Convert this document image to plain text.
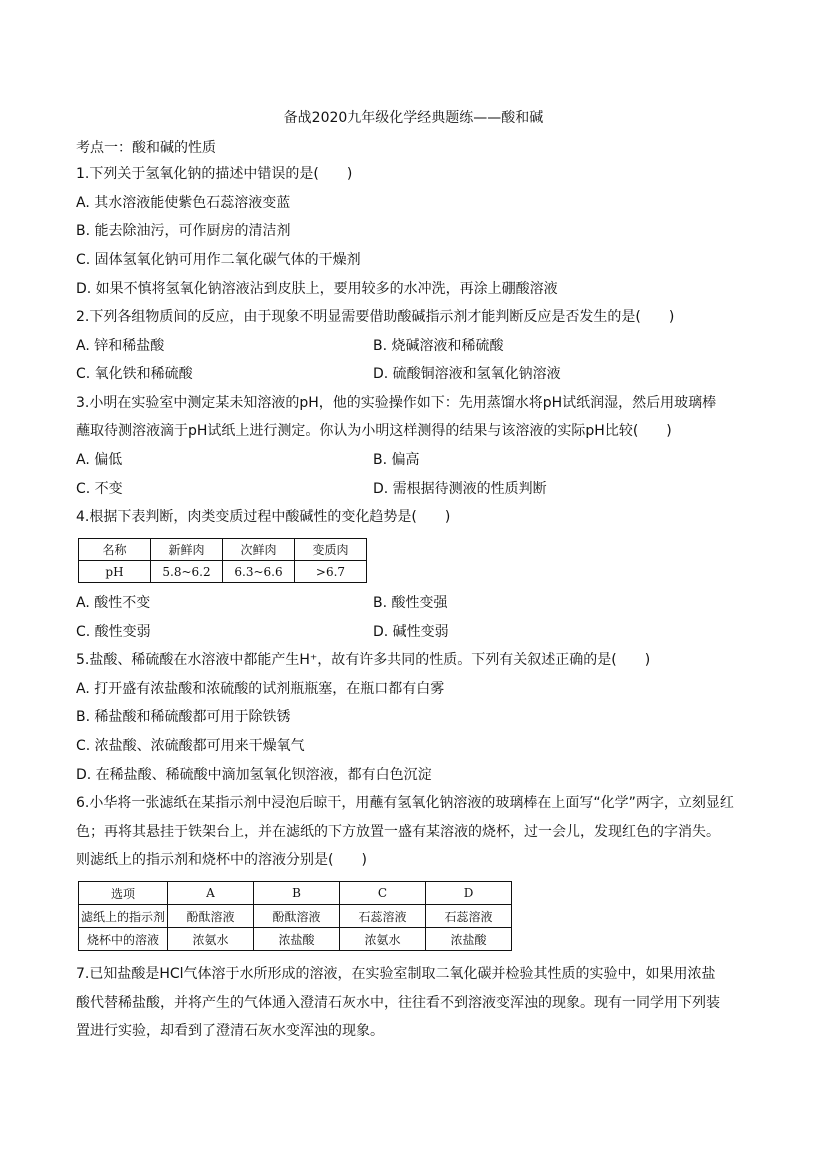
备战2020九年级化学经典题练——酸和碱
考点一：酸和碱的性质
1.下列关于氢氧化钠的描述中错误的是(　　)
A. 其水溶液能使紫色石蕊溶液变蓝
B. 能去除油污，可作厨房的清洁剂
C. 固体氢氧化钠可用作二氧化碳气体的干燥剂
D. 如果不慎将氢氧化钠溶液沾到皮肤上，要用较多的水冲洗，再涂上硼酸溶液
2.下列各组物质间的反应，由于现象不明显需要借助酸碱指示剂才能判断反应是否发生的是(　　)
A. 锌和稀盐酸	B. 烧碱溶液和稀硫酸
C. 氧化铁和稀硫酸	D. 硫酸铜溶液和氢氧化钠溶液
3.小明在实验室中测定某未知溶液的pH，他的实验操作如下：先用蒸馏水将pH试纸润湿，然后用玻璃棒
蘸取待测溶液滴于pH试纸上进行测定。你认为小明这样测得的结果与该溶液的实际pH比较(　　)
A. 偏低	B. 偏高
C. 不变	D. 需根据待测液的性质判断
4.根据下表判断，肉类变质过程中酸碱性的变化趋势是(　　)
名称	新鲜肉	次鲜肉	变质肉
pH	5.8~6.2	6.3~6.6	>6.7
A. 酸性不变	B. 酸性变强
C. 酸性变弱	D. 碱性变弱
5.盐酸、稀硫酸在水溶液中都能产生H⁺，故有许多共同的性质。下列有关叙述正确的是(　　)
A. 打开盛有浓盐酸和浓硫酸的试剂瓶瓶塞，在瓶口都有白雾
B. 稀盐酸和稀硫酸都可用于除铁锈
C. 浓盐酸、浓硫酸都可用来干燥氧气
D. 在稀盐酸、稀硫酸中滴加氢氧化钡溶液，都有白色沉淀
6.小华将一张滤纸在某指示剂中浸泡后晾干，用蘸有氢氧化钠溶液的玻璃棒在上面写“化学”两字，立刻显红
色；再将其悬挂于铁架台上，并在滤纸的下方放置一盛有某溶液的烧杯，过一会儿，发现红色的字消失。
则滤纸上的指示剂和烧杯中的溶液分别是(　　)
选项	A	B	C	D
滤纸上的指示剂	酚酞溶液	酚酞溶液	石蕊溶液	石蕊溶液
烧杯中的溶液	浓氨水	浓盐酸	浓氨水	浓盐酸
7.已知盐酸是HCl气体溶于水所形成的溶液，在实验室制取二氧化碳并检验其性质的实验中，如果用浓盐
酸代替稀盐酸，并将产生的气体通入澄清石灰水中，往往看不到溶液变浑浊的现象。现有一同学用下列装
置进行实验，却看到了澄清石灰水变浑浊的现象。
